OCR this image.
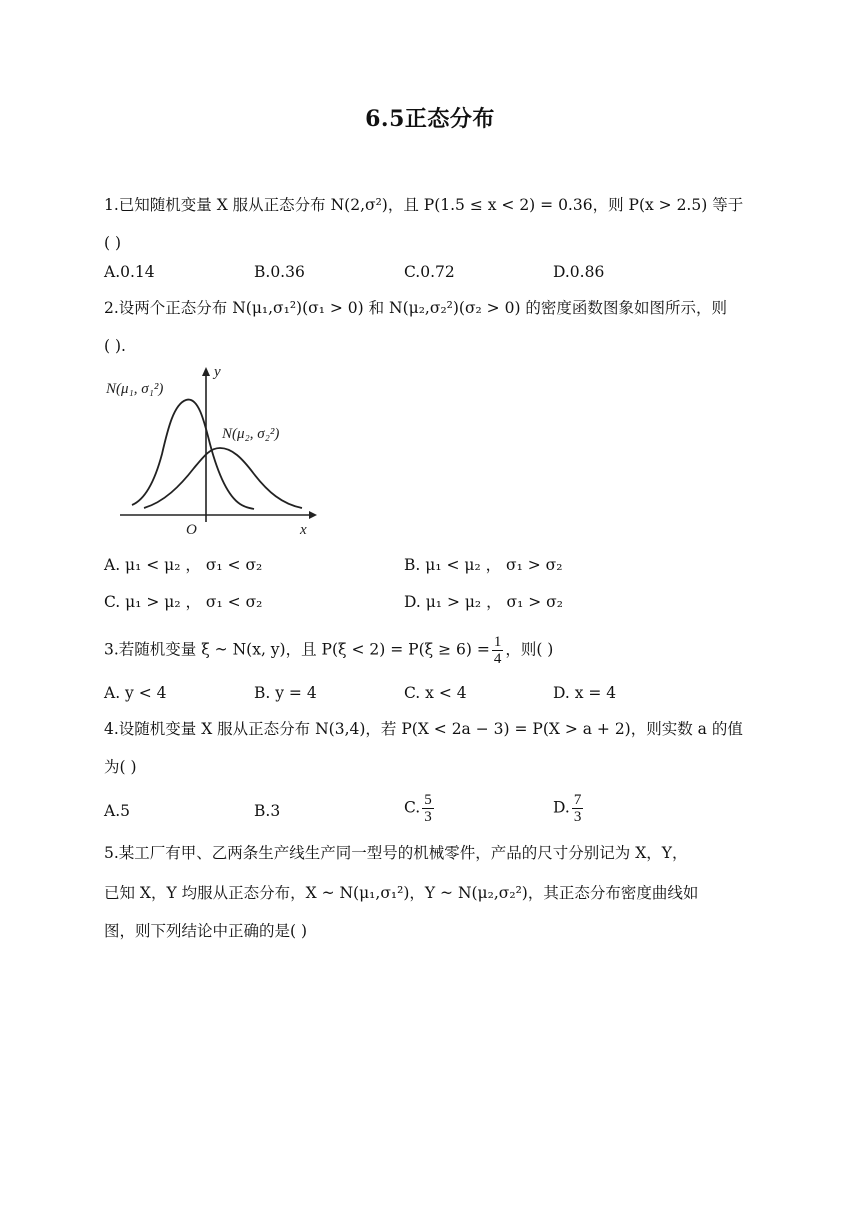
6.5正态分布
1.已知随机变量 X 服从正态分布 N(2,σ²)，且 P(1.5 ≤ x < 2) = 0.36，则 P(x > 2.5) 等于
( )
A.0.14	B.0.36	C.0.72	D.0.86
2.设两个正态分布 N(μ₁,σ₁²)(σ₁ > 0) 和 N(μ₂,σ₂²)(σ₂ > 0) 的密度函数图象如图所示，则
( ).
N(μ₁, σ₁²)
N(μ₂, σ₂²)
y
x
O
A. μ₁ < μ₂ ， σ₁ < σ₂	B. μ₁ < μ₂ ， σ₁ > σ₂
C. μ₁ > μ₂ ， σ₁ < σ₂	D. μ₁ > μ₂ ， σ₁ > σ₂
3.若随机变量 ξ ~ N(x, y)，且 $P(\xi < 2) = P(\xi \ge 6) = \frac{1}{4}$ ，则( )
A. y < 4	B. y = 4	C. x < 4	D. x = 4
4.设随机变量 X 服从正态分布 N(3,4)，若 P(X < 2a − 3) = P(X > a + 2)，则实数 a 的值
为( )
A.5	B.3	C. $\frac{5}{3}$	D. $\frac{7}{3}$
5.某工厂有甲、乙两条生产线生产同一型号的机械零件，产品的尺寸分别记为 X，Y，
已知 X，Y 均服从正态分布，X ~ N(μ₁,σ₁²)，Y ~ N(μ₂,σ₂²)，其正态分布密度曲线如
图，则下列结论中正确的是( )
